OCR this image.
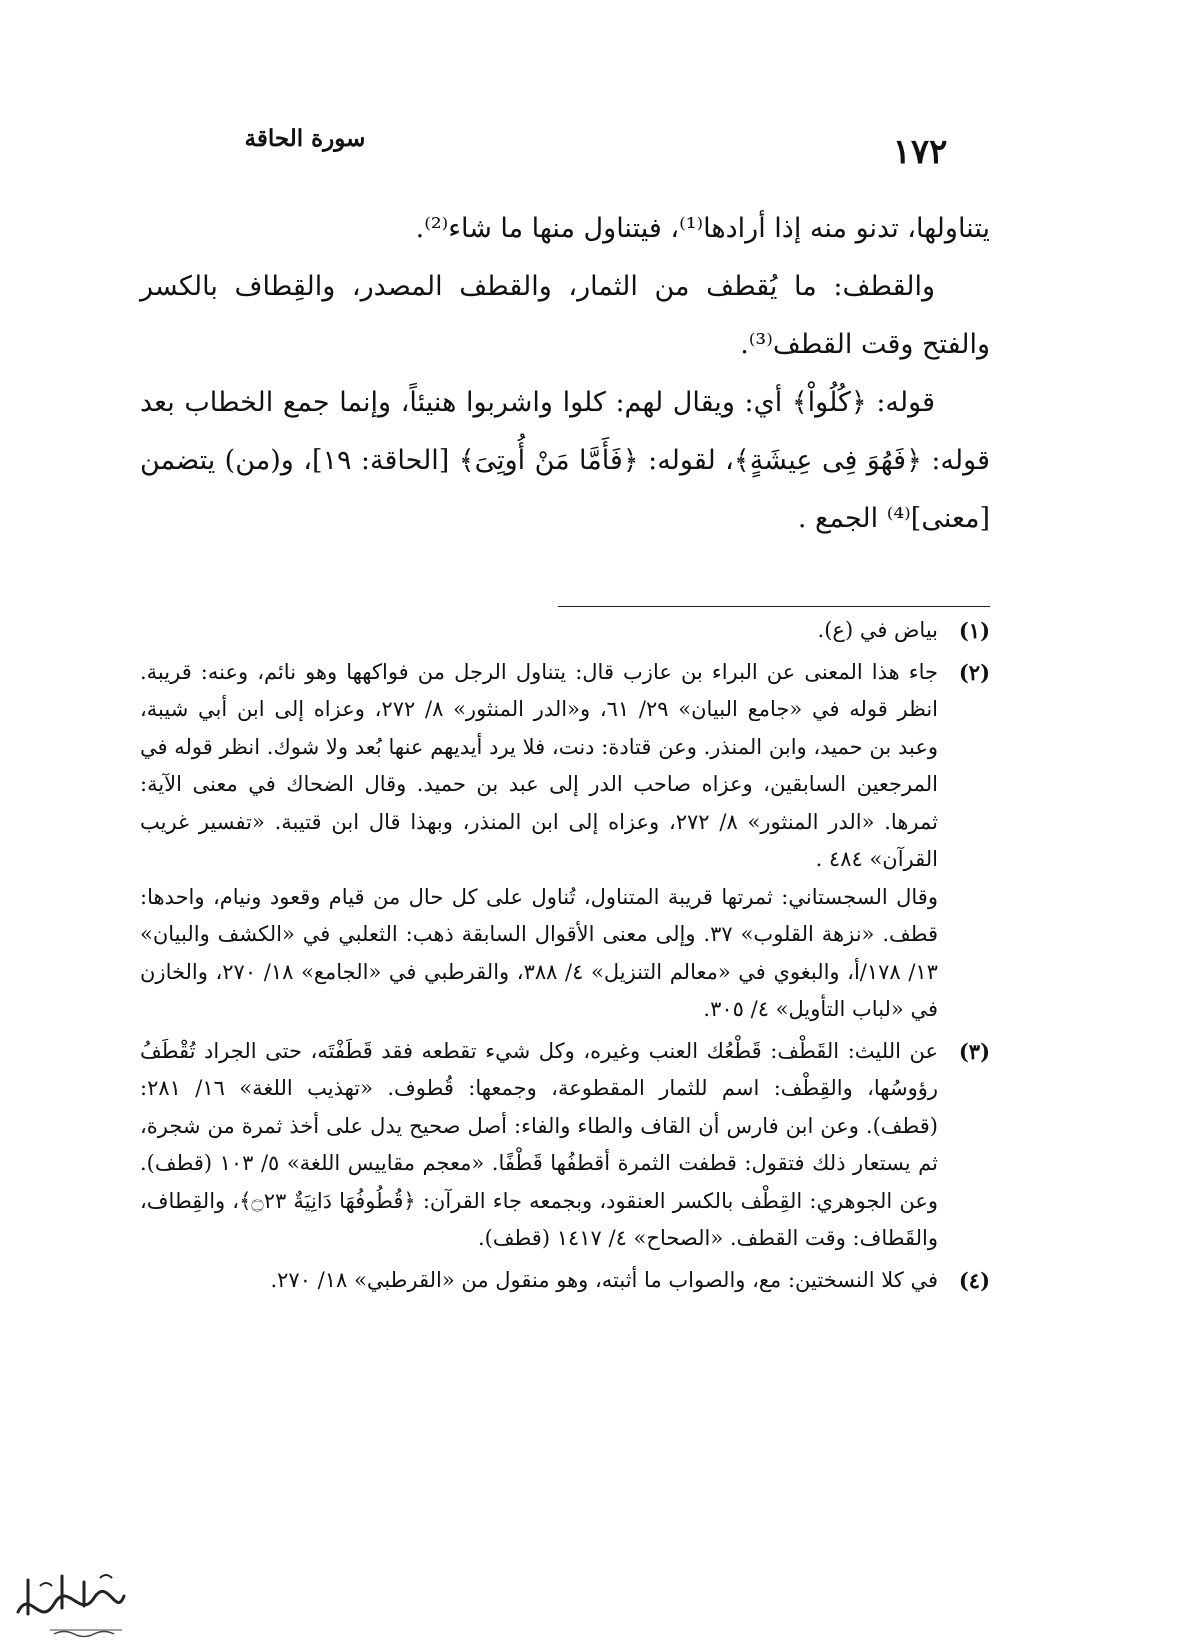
سورة الحاقة	١٧٢

يتناولها، تدنو منه إذا أرادها⁽¹⁾، فيتناول منها ما شاء⁽²⁾.

والقطف: ما يُقطف من الثمار، والقطف المصدر، والقِطاف بالكسر والفتح وقت القطف⁽³⁾.

قوله: ﴿كُلُواْ﴾ أي: ويقال لهم: كلوا واشربوا هنيئاً، وإنما جمع الخطاب بعد قوله: ﴿فَهُوَ فِى عِيشَةٍ﴾، لقوله: ﴿فَأَمَّا مَنْ أُوتِىَ﴾ [الحاقة: ١٩]، و(من) يتضمن [معنى]⁽⁴⁾ الجمع .

(١)

بياض في (ع).

(٢)

جاء هذا المعنى عن البراء بن عازب قال: يتناول الرجل من فواكهها وهو نائم، وعنه: قريبة. انظر قوله في «جامع البيان» ٢٩/ ٦١، و«الدر المنثور» ٨/ ٢٧٢، وعزاه إلى ابن أبي شيبة، وعبد بن حميد، وابن المنذر. وعن قتادة: دنت، فلا يرد أيديهم عنها بُعد ولا شوك. انظر قوله في المرجعين السابقين، وعزاه صاحب الدر إلى عبد بن حميد. وقال الضحاك في معنى الآية: ثمرها. «الدر المنثور» ٨/ ٢٧٢، وعزاه إلى ابن المنذر، وبهذا قال ابن قتيبة. «تفسير غريب القرآن» ٤٨٤ .

وقال السجستاني: ثمرتها قريبة المتناول، تُناول على كل حال من قيام وقعود ونيام، واحدها: قطف. «نزهة القلوب» ٣٧. وإلى معنى الأقوال السابقة ذهب: الثعلبي في «الكشف والبيان» ١٣/ ١٧٨/أ، والبغوي في «معالم التنزيل» ٤/ ٣٨٨، والقرطبي في «الجامع» ١٨/ ٢٧٠، والخازن في «لباب التأويل» ٤/ ٣٠٥.

(٣)

عن الليث: القَطْف: قَطْعُك العنب وغيره، وكل شيء تقطعه فقد قَطَفْتَه، حتى الجراد تُقْطَفُ رؤوسُها، والقِطْف: اسم للثمار المقطوعة، وجمعها: قُطوف. «تهذيب اللغة» ١٦/ ٢٨١: (قطف). وعن ابن فارس أن القاف والطاء والفاء: أصل صحيح يدل على أخذ ثمرة من شجرة، ثم يستعار ذلك فتقول: قطفت الثمرة أقطفُها قَطْفًا. «معجم مقاييس اللغة» ٥/ ١٠٣ (قطف). وعن الجوهري: القِطْف بالكسر العنقود، وبجمعه جاء القرآن: ﴿قُطُوفُهَا دَانِيَةٌ ۝٢٣﴾، والقِطاف، والقَطاف: وقت القطف. «الصحاح» ٤/ ١٤١٧ (قطف).

(٤)

في كلا النسختين: مع، والصواب ما أثبته، وهو منقول من «القرطبي» ١٨/ ٢٧٠.
